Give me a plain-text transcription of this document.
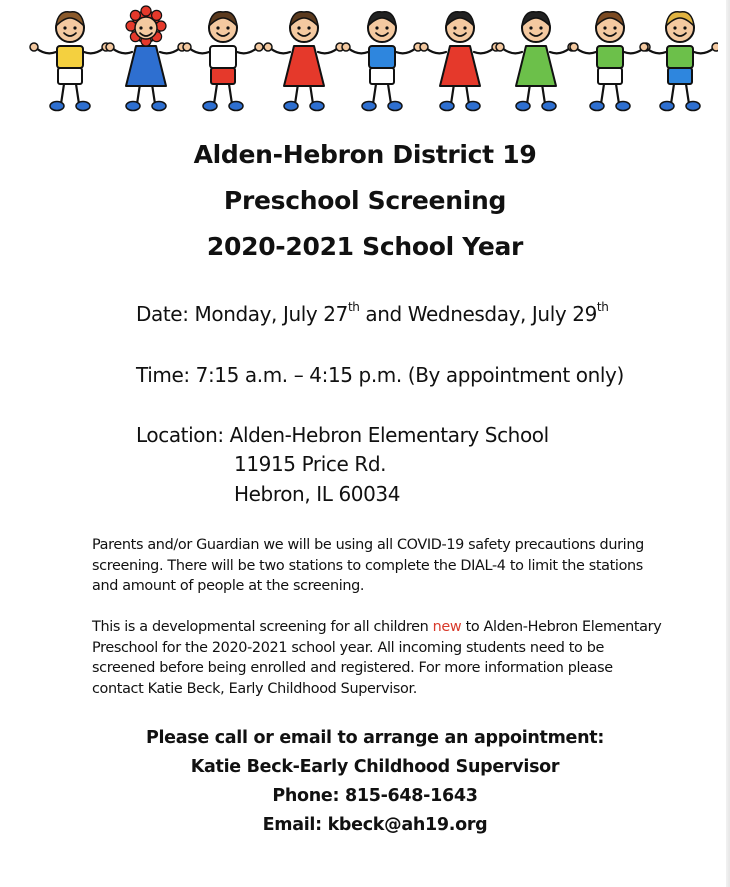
Alden-Hebron District 19
Preschool Screening
2020-2021 School Year
Date: Monday, July 27th and Wednesday, July 29th
Time: 7:15 a.m. – 4:15 p.m. (By appointment only)
Location: Alden-Hebron Elementary School
11915 Price Rd.
Hebron, IL 60034
Parents and/or Guardian we will be using all COVID-19 safety precautions during screening. There will be two stations to complete the DIAL-4 to limit the stations and amount of people at the screening.
This is a developmental screening for all children new to Alden-Hebron Elementary Preschool for the 2020-2021 school year. All incoming students need to be screened before being enrolled and registered. For more information please contact Katie Beck, Early Childhood Supervisor.
Please call or email to arrange an appointment:
Katie Beck-Early Childhood Supervisor
Phone: 815-648-1643
Email: kbeck@ah19.org
